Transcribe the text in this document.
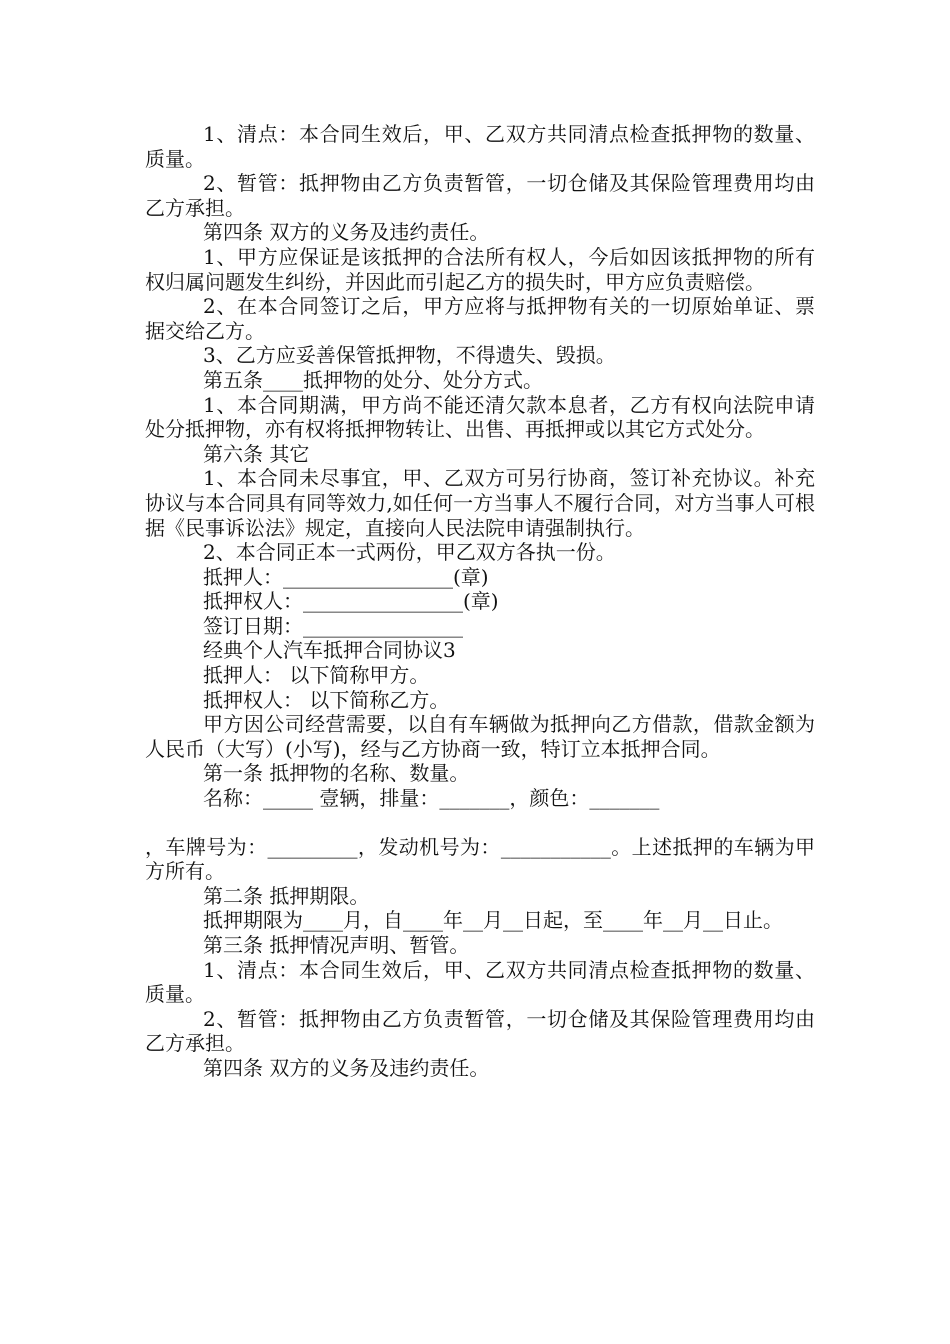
1、清点：本合同生效后，甲、乙双方共同清点检查抵押物的数量、质量。

2、暂管：抵押物由乙方负责暂管，一切仓储及其保险管理费用均由乙方承担。

第四条 双方的义务及违约责任。

1、甲方应保证是该抵押的合法所有权人，今后如因该抵押物的所有权归属问题发生纠纷，并因此而引起乙方的损失时，甲方应负责赔偿。

2、在本合同签订之后，甲方应将与抵押物有关的一切原始单证、票据交给乙方。

3、乙方应妥善保管抵押物，不得遗失、毁损。

第五条____抵押物的处分、处分方式。

1、本合同期满，甲方尚不能还清欠款本息者，乙方有权向法院申请处分抵押物，亦有权将抵押物转让、出售、再抵押或以其它方式处分。

第六条 其它

1、本合同未尽事宜，甲、乙双方可另行协商，签订补充协议。补充协议与本合同具有同等效力,如任何一方当事人不履行合同，对方当事人可根据《民事诉讼法》规定，直接向人民法院申请强制执行。

2、本合同正本一式两份，甲乙双方各执一份。

抵押人：_________________(章)

抵押权人：________________(章)

签订日期：________________

经典个人汽车抵押合同协议3

抵押人： 以下简称甲方。

抵押权人： 以下简称乙方。

甲方因公司经营需要，以自有车辆做为抵押向乙方借款，借款金额为人民币（大写）(小写)，经与乙方协商一致，特订立本抵押合同。

第一条 抵押物的名称、数量。

名称：_____ 壹辆，排量：_______，颜色：_______

，车牌号为：_________，发动机号为：___________。上述抵押的车辆为甲方所有。

第二条 抵押期限。

抵押期限为____月，自____年__月__日起，至____年__月__日止。

第三条 抵押情况声明、暂管。

1、清点：本合同生效后，甲、乙双方共同清点检查抵押物的数量、质量。

2、暂管：抵押物由乙方负责暂管，一切仓储及其保险管理费用均由乙方承担。

第四条 双方的义务及违约责任。
